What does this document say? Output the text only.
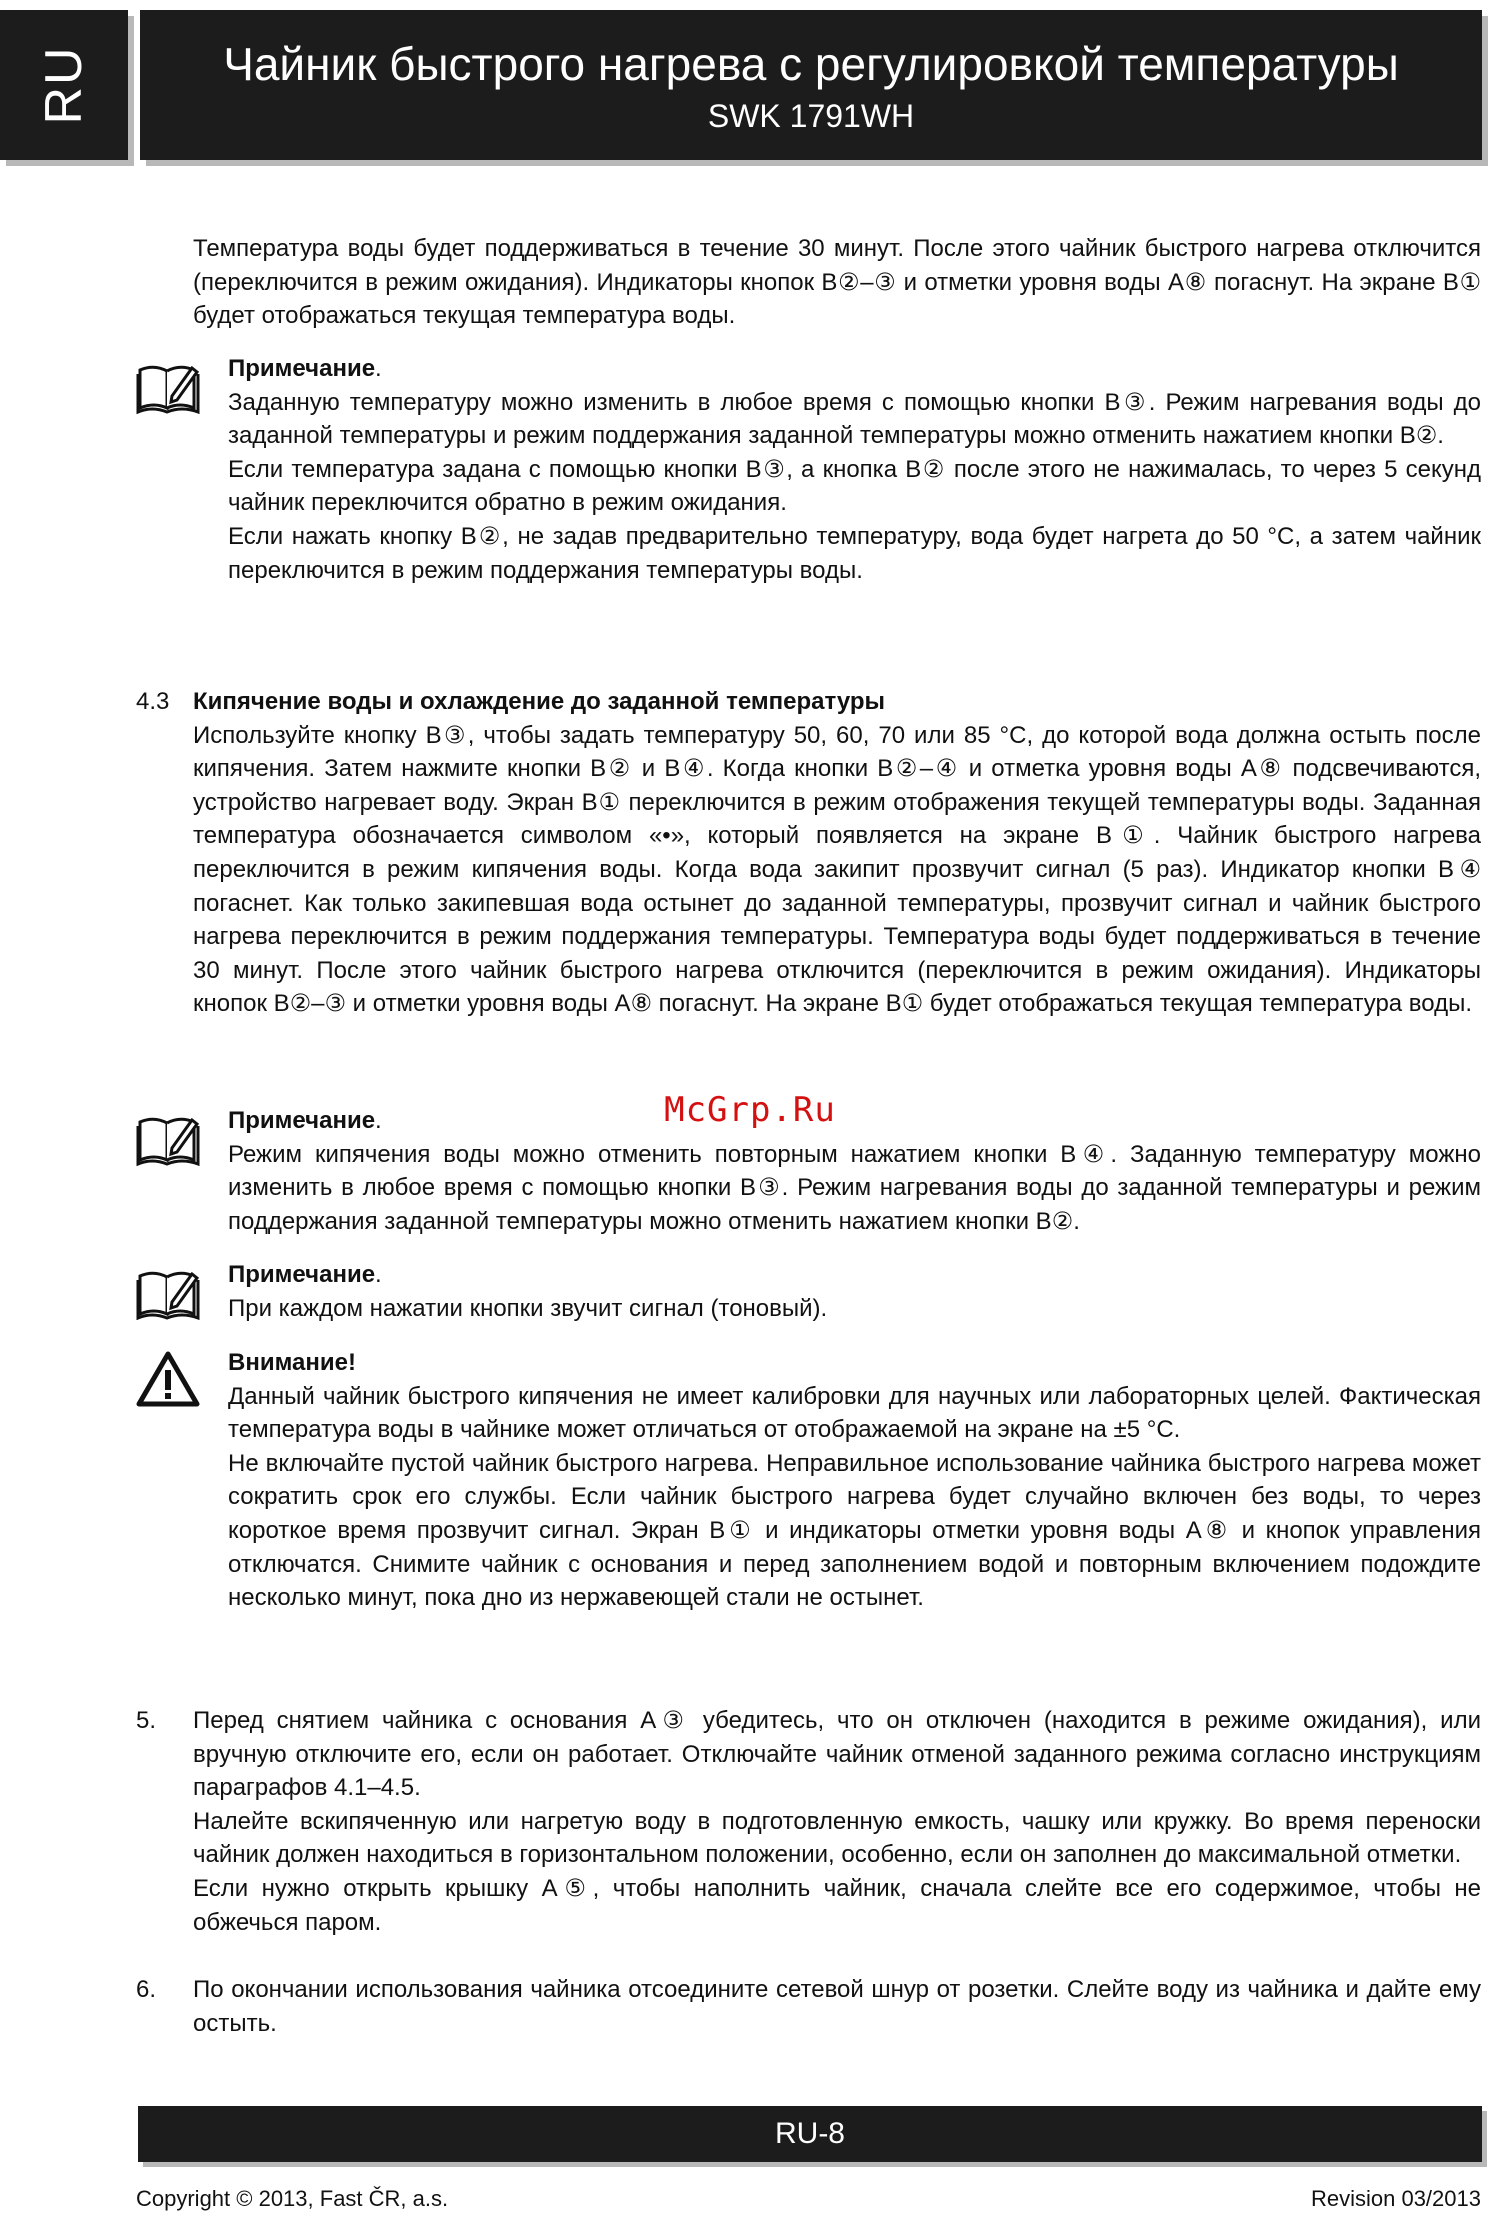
RU	Чайник быстрого нагрева с регулировкой температуры
SWK 1791WH
Температура воды будет поддерживаться в течение 30 минут. После этого чайник быстрого нагрева отключится (переключится в режим ожидания). Индикаторы кнопок B②–③ и отметки уровня воды A⑧ погаснут. На экране B① будет отображаться текущая температура воды.
Примечание.
Заданную температуру можно изменить в любое время с помощью кнопки B③. Режим нагревания воды до заданной температуры и режим поддержания заданной температуры можно отменить нажатием кнопки B②.
Если температура задана с помощью кнопки B③, а кнопка B② после этого не нажималась, то через 5 секунд чайник переключится обратно в режим ожидания.
Если нажать кнопку B②, не задав предварительно температуру, вода будет нагрета до 50 °C, а затем чайник переключится в режим поддержания температуры воды.
4.3 Кипячение воды и охлаждение до заданной температуры
Используйте кнопку B③, чтобы задать температуру 50, 60, 70 или 85 °C, до которой вода должна остыть после кипячения. Затем нажмите кнопки B② и B④. Когда кнопки B②–④ и отметка уровня воды A⑧ подсвечиваются, устройство нагревает воду. Экран B① переключится в режим отображения текущей температуры воды. Заданная температура обозначается символом «•», который появляется на экране B①. Чайник быстрого нагрева переключится в режим кипячения воды. Когда вода закипит прозвучит сигнал (5 раз). Индикатор кнопки B④ погаснет. Как только закипевшая вода остынет до заданной температуры, прозвучит сигнал и чайник быстрого нагрева переключится в режим поддержания температуры. Температура воды будет поддерживаться в течение 30 минут. После этого чайник быстрого нагрева отключится (переключится в режим ожидания). Индикаторы кнопок B②–③ и отметки уровня воды A⑧ погаснут. На экране B① будет отображаться текущая температура воды.
McGrp.Ru
Примечание.
Режим кипячения воды можно отменить повторным нажатием кнопки B④. Заданную температуру можно изменить в любое время с помощью кнопки B③. Режим нагревания воды до заданной температуры и режим поддержания заданной температуры можно отменить нажатием кнопки B②.
Примечание.
При каждом нажатии кнопки звучит сигнал (тоновый).
Внимание!
Данный чайник быстрого кипячения не имеет калибровки для научных или лабораторных целей. Фактическая температура воды в чайнике может отличаться от отображаемой на экране на ±5 °C.
Не включайте пустой чайник быстрого нагрева. Неправильное использование чайника быстрого нагрева может сократить срок его службы. Если чайник быстрого нагрева будет случайно включен без воды, то через короткое время прозвучит сигнал. Экран B① и индикаторы отметки уровня воды A⑧ и кнопок управления отключатся. Снимите чайник с основания и перед заполнением водой и повторным включением подождите несколько минут, пока дно из нержавеющей стали не остынет.
5. Перед снятием чайника с основания A③ убедитесь, что он отключен (находится в режиме ожидания), или вручную отключите его, если он работает. Отключайте чайник отменой заданного режима согласно инструкциям параграфов 4.1–4.5.
Налейте вскипяченную или нагретую воду в подготовленную емкость, чашку или кружку. Во время переноски чайник должен находиться в горизонтальном положении, особенно, если он заполнен до максимальной отметки.
Если нужно открыть крышку A⑤, чтобы наполнить чайник, сначала слейте все его содержимое, чтобы не обжечься паром.
6. По окончании использования чайника отсоедините сетевой шнур от розетки. Слейте воду из чайника и дайте ему остыть.
RU-8
Copyright © 2013, Fast ČR, a.s.	Revision 03/2013
